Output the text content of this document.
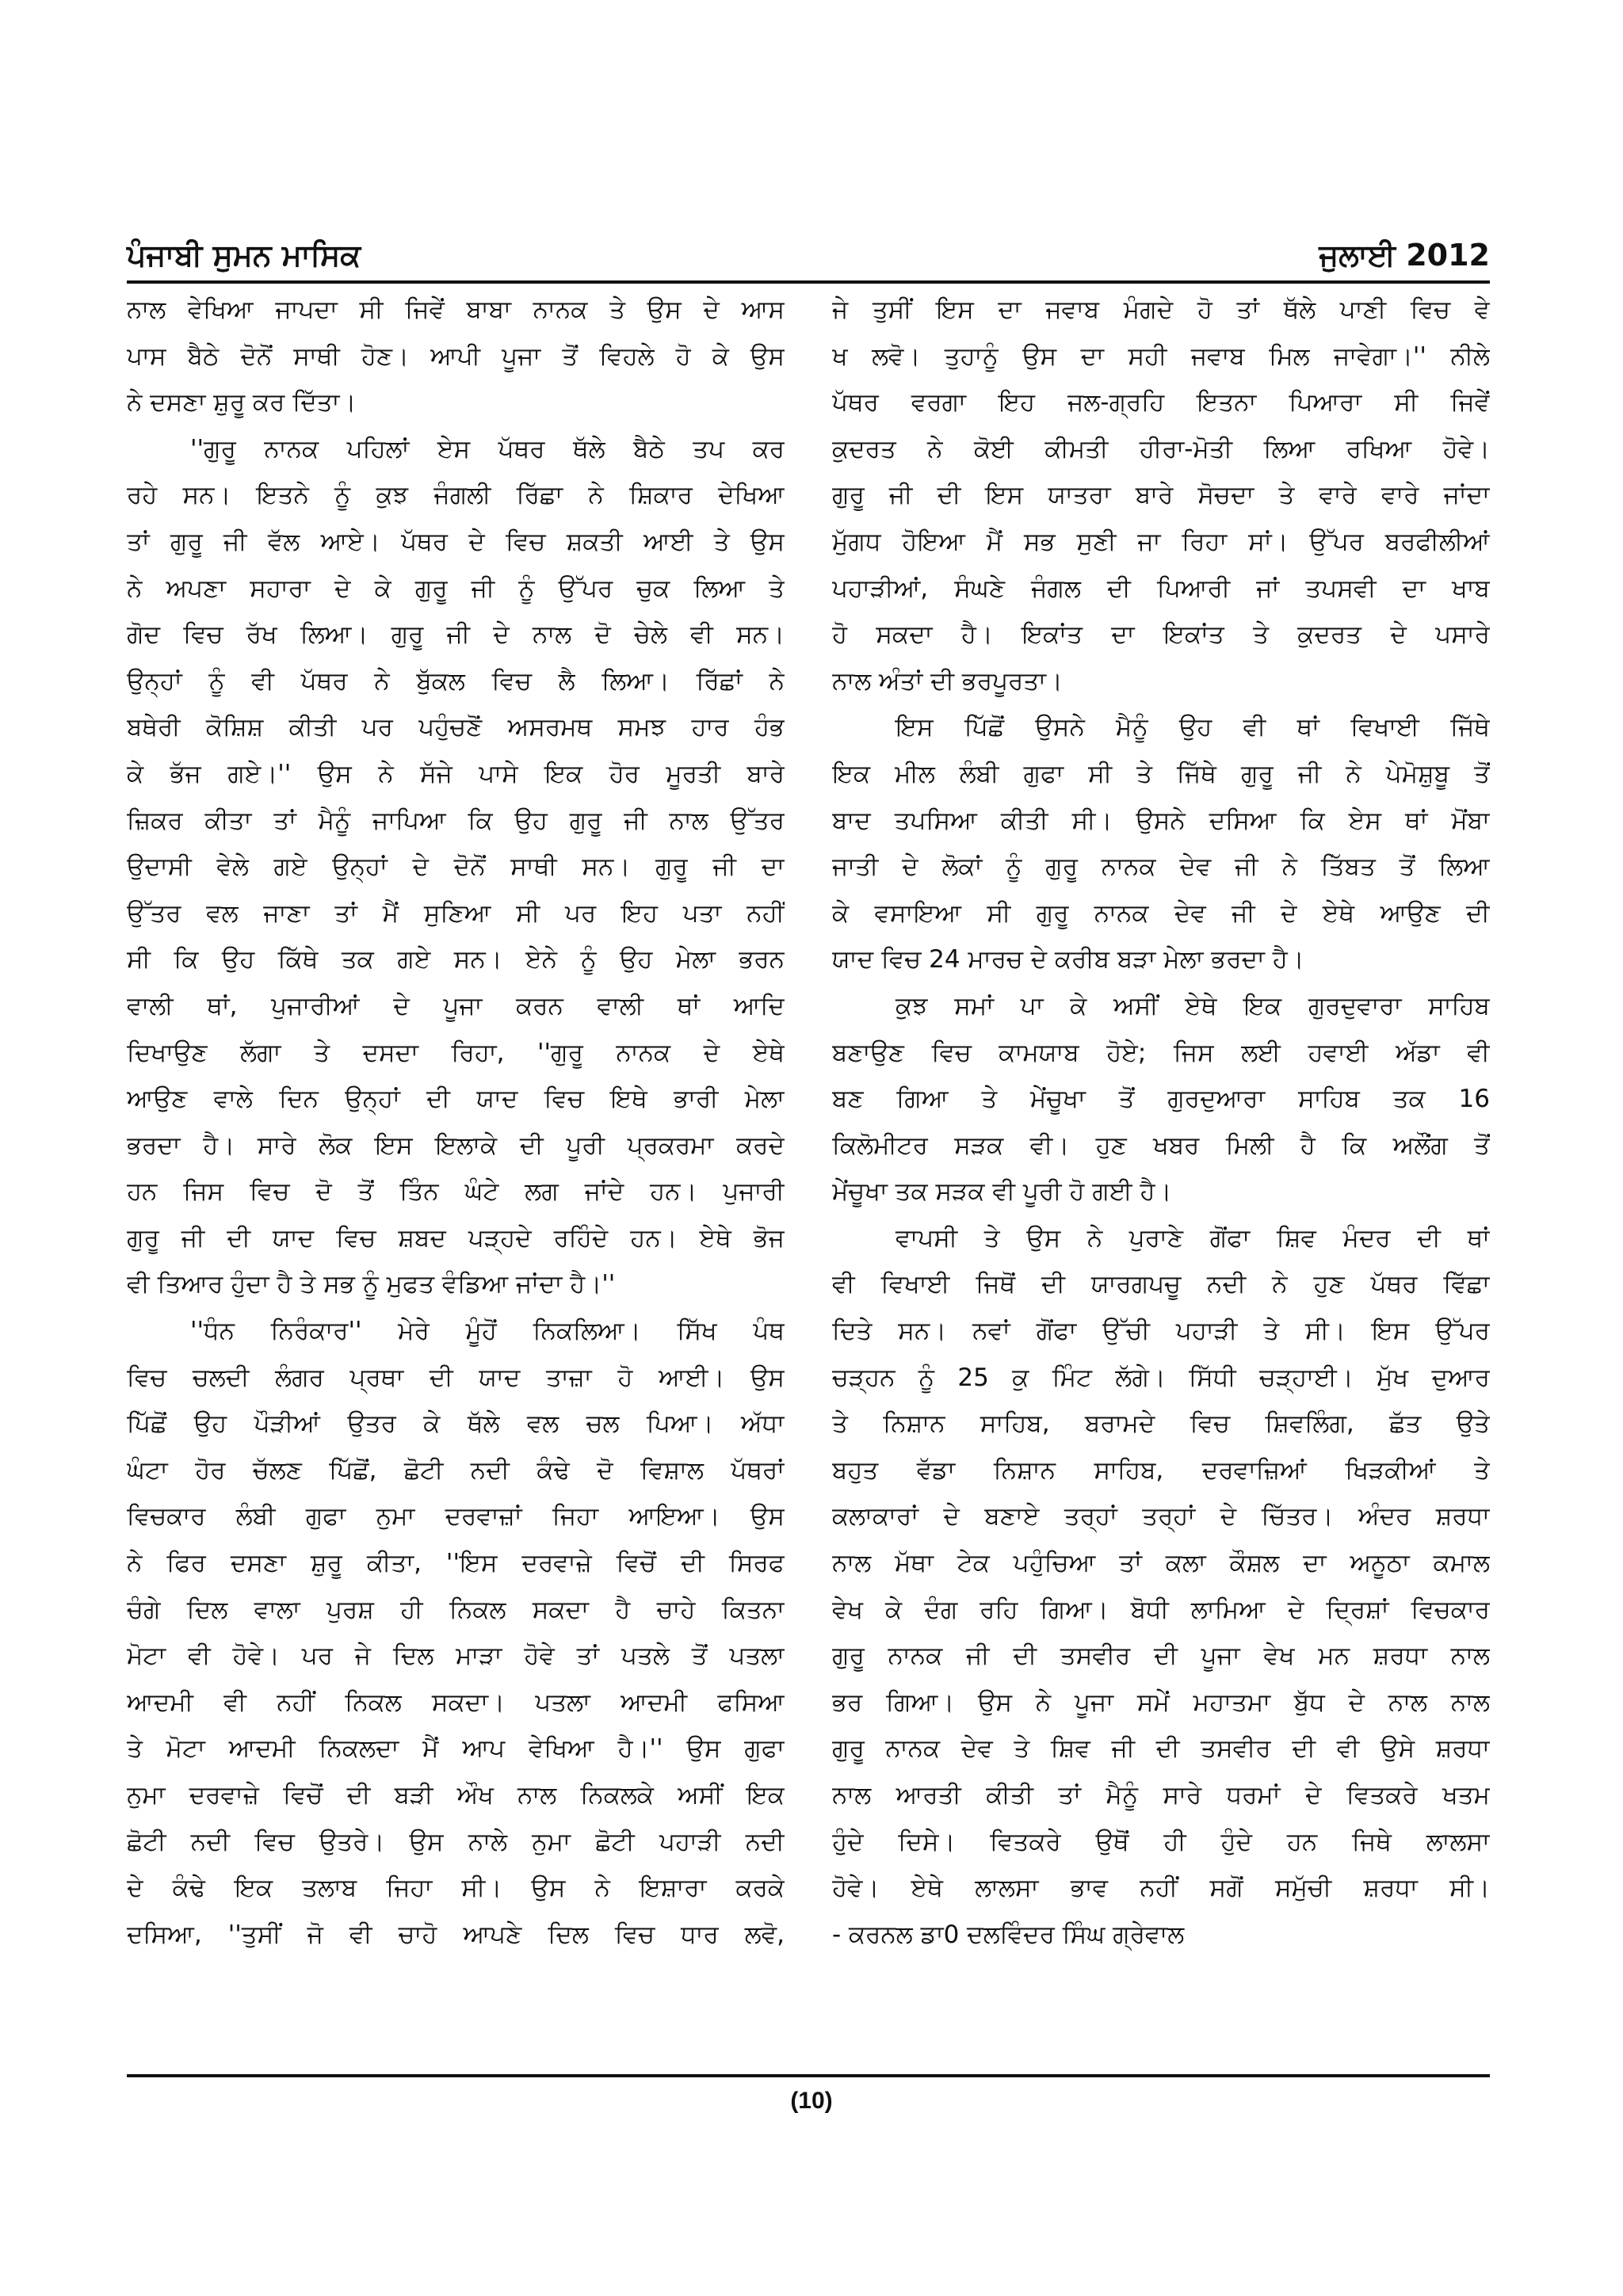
ਪੰਜਾਬੀ ਸੁਮਨ ਮਾਸਿਕ	ਜੁਲਾਈ 2012
ਨਾਲ ਵੇਖਿਆ ਜਾਪਦਾ ਸੀ ਜਿਵੇਂ ਬਾਬਾ ਨਾਨਕ ਤੇ ਉਸ ਦੇ ਆਸ
ਪਾਸ ਬੈਠੇ ਦੋਨੋਂ ਸਾਥੀ ਹੋਣ। ਆਪੀ ਪੂਜਾ ਤੋਂ ਵਿਹਲੇ ਹੋ ਕੇ ਉਸ
ਨੇ ਦਸਣਾ ਸ਼ੁਰੂ ਕਰ ਦਿੱਤਾ।
''ਗੁਰੂ ਨਾਨਕ ਪਹਿਲਾਂ ਏਸ ਪੱਥਰ ਥੱਲੇ ਬੈਠੇ ਤਪ ਕਰ
ਰਹੇ ਸਨ। ਇਤਨੇ ਨੂੰ ਕੁਝ ਜੰਗਲੀ ਰਿੱਛਾ ਨੇ ਸ਼ਿਕਾਰ ਦੇਖਿਆ
ਤਾਂ ਗੁਰੂ ਜੀ ਵੱਲ ਆਏ। ਪੱਥਰ ਦੇ ਵਿਚ ਸ਼ਕਤੀ ਆਈ ਤੇ ਉਸ
ਨੇ ਅਪਣਾ ਸਹਾਰਾ ਦੇ ਕੇ ਗੁਰੂ ਜੀ ਨੂੰ ਉੱਪਰ ਚੁਕ ਲਿਆ ਤੇ
ਗੋਦ ਵਿਚ ਰੱਖ ਲਿਆ। ਗੁਰੂ ਜੀ ਦੇ ਨਾਲ ਦੋ ਚੇਲੇ ਵੀ ਸਨ।
ਉਨ੍ਹਾਂ ਨੂੰ ਵੀ ਪੱਥਰ ਨੇ ਬੁੱਕਲ ਵਿਚ ਲੈ ਲਿਆ। ਰਿੱਛਾਂ ਨੇ
ਬਥੇਰੀ ਕੋਸ਼ਿਸ਼ ਕੀਤੀ ਪਰ ਪਹੁੰਚਣੋਂ ਅਸਰਮਥ ਸਮਝ ਹਾਰ ਹੰਭ
ਕੇ ਭੱਜ ਗਏ।'' ਉਸ ਨੇ ਸੱਜੇ ਪਾਸੇ ਇਕ ਹੋਰ ਮੂਰਤੀ ਬਾਰੇ
ਜ਼ਿਕਰ ਕੀਤਾ ਤਾਂ ਮੈਨੂੰ ਜਾਪਿਆ ਕਿ ਉਹ ਗੁਰੂ ਜੀ ਨਾਲ ਉੱਤਰ
ਉਦਾਸੀ ਵੇਲੇ ਗਏ ਉਨ੍ਹਾਂ ਦੇ ਦੋਨੋਂ ਸਾਥੀ ਸਨ। ਗੁਰੂ ਜੀ ਦਾ
ਉੱਤਰ ਵਲ ਜਾਣਾ ਤਾਂ ਮੈਂ ਸੁਣਿਆ ਸੀ ਪਰ ਇਹ ਪਤਾ ਨਹੀਂ
ਸੀ ਕਿ ਉਹ ਕਿੱਥੇ ਤਕ ਗਏ ਸਨ। ਏਨੇ ਨੂੰ ਉਹ ਮੇਲਾ ਭਰਨ
ਵਾਲੀ ਥਾਂ, ਪੁਜਾਰੀਆਂ ਦੇ ਪੂਜਾ ਕਰਨ ਵਾਲੀ ਥਾਂ ਆਦਿ
ਦਿਖਾਉਣ ਲੱਗਾ ਤੇ ਦਸਦਾ ਰਿਹਾ, ''ਗੁਰੂ ਨਾਨਕ ਦੇ ਏਥੇ
ਆਉਣ ਵਾਲੇ ਦਿਨ ਉਨ੍ਹਾਂ ਦੀ ਯਾਦ ਵਿਚ ਇਥੇ ਭਾਰੀ ਮੇਲਾ
ਭਰਦਾ ਹੈ। ਸਾਰੇ ਲੋਕ ਇਸ ਇਲਾਕੇ ਦੀ ਪੂਰੀ ਪ੍ਰਕਰਮਾ ਕਰਦੇ
ਹਨ ਜਿਸ ਵਿਚ ਦੋ ਤੋਂ ਤਿੰਨ ਘੰਟੇ ਲਗ ਜਾਂਦੇ ਹਨ। ਪੁਜਾਰੀ
ਗੁਰੂ ਜੀ ਦੀ ਯਾਦ ਵਿਚ ਸ਼ਬਦ ਪੜ੍ਹਦੇ ਰਹਿੰਦੇ ਹਨ। ਏਥੇ ਭੋਜ
ਵੀ ਤਿਆਰ ਹੁੰਦਾ ਹੈ ਤੇ ਸਭ ਨੂੰ ਮੁਫਤ ਵੰਡਿਆ ਜਾਂਦਾ ਹੈ।''
''ਧੰਨ ਨਿਰੰਕਾਰ'' ਮੇਰੇ ਮੂੰਹੋਂ ਨਿਕਲਿਆ। ਸਿੱਖ ਪੰਥ
ਵਿਚ ਚਲਦੀ ਲੰਗਰ ਪ੍ਰਥਾ ਦੀ ਯਾਦ ਤਾਜ਼ਾ ਹੋ ਆਈ। ਉਸ
ਪਿੱਛੋਂ ਉਹ ਪੌੜੀਆਂ ਉਤਰ ਕੇ ਥੱਲੇ ਵਲ ਚਲ ਪਿਆ। ਅੱਧਾ
ਘੰਟਾ ਹੋਰ ਚੱਲਣ ਪਿੱਛੋਂ, ਛੋਟੀ ਨਦੀ ਕੰਢੇ ਦੋ ਵਿਸ਼ਾਲ ਪੱਥਰਾਂ
ਵਿਚਕਾਰ ਲੰਬੀ ਗੁਫਾ ਨੁਮਾ ਦਰਵਾਜ਼ਾਂ ਜਿਹਾ ਆਇਆ। ਉਸ
ਨੇ ਫਿਰ ਦਸਣਾ ਸ਼ੁਰੂ ਕੀਤਾ, ''ਇਸ ਦਰਵਾਜ਼ੇ ਵਿਚੋਂ ਦੀ ਸਿਰਫ
ਚੰਗੇ ਦਿਲ ਵਾਲਾ ਪੁਰਸ਼ ਹੀ ਨਿਕਲ ਸਕਦਾ ਹੈ ਚਾਹੇ ਕਿਤਨਾ
ਮੋਟਾ ਵੀ ਹੋਵੇ। ਪਰ ਜੇ ਦਿਲ ਮਾੜਾ ਹੋਵੇ ਤਾਂ ਪਤਲੇ ਤੋਂ ਪਤਲਾ
ਆਦਮੀ ਵੀ ਨਹੀਂ ਨਿਕਲ ਸਕਦਾ। ਪਤਲਾ ਆਦਮੀ ਫਸਿਆ
ਤੇ ਮੋਟਾ ਆਦਮੀ ਨਿਕਲਦਾ ਮੈਂ ਆਪ ਵੇਖਿਆ ਹੈ।'' ਉਸ ਗੁਫਾ
ਨੁਮਾ ਦਰਵਾਜ਼ੇ ਵਿਚੋਂ ਦੀ ਬੜੀ ਔਖ ਨਾਲ ਨਿਕਲਕੇ ਅਸੀਂ ਇਕ
ਛੋਟੀ ਨਦੀ ਵਿਚ ਉਤਰੇ। ਉਸ ਨਾਲੇ ਨੁਮਾ ਛੋਟੀ ਪਹਾੜੀ ਨਦੀ
ਦੇ ਕੰਢੇ ਇਕ ਤਲਾਬ ਜਿਹਾ ਸੀ। ਉਸ ਨੇ ਇਸ਼ਾਰਾ ਕਰਕੇ
ਦਸਿਆ, ''ਤੁਸੀਂ ਜੋ ਵੀ ਚਾਹੋ ਆਪਣੇ ਦਿਲ ਵਿਚ ਧਾਰ ਲਵੋ,
ਜੇ ਤੁਸੀਂ ਇਸ ਦਾ ਜਵਾਬ ਮੰਗਦੇ ਹੋ ਤਾਂ ਥੱਲੇ ਪਾਣੀ ਵਿਚ ਵੇ
ਖ ਲਵੋ। ਤੁਹਾਨੂੰ ਉਸ ਦਾ ਸਹੀ ਜਵਾਬ ਮਿਲ ਜਾਵੇਗਾ।'' ਨੀਲੇ
ਪੱਥਰ ਵਰਗਾ ਇਹ ਜਲ-ਗ੍ਰਹਿ ਇਤਨਾ ਪਿਆਰਾ ਸੀ ਜਿਵੇਂ
ਕੁਦਰਤ ਨੇ ਕੋਈ ਕੀਮਤੀ ਹੀਰਾ-ਮੋਤੀ ਲਿਆ ਰਖਿਆ ਹੋਵੇ।
ਗੁਰੂ ਜੀ ਦੀ ਇਸ ਯਾਤਰਾ ਬਾਰੇ ਸੋਚਦਾ ਤੇ ਵਾਰੇ ਵਾਰੇ ਜਾਂਦਾ
ਮੁੱਗਧ ਹੋਇਆ ਮੈਂ ਸਭ ਸੁਣੀ ਜਾ ਰਿਹਾ ਸਾਂ। ਉੱਪਰ ਬਰਫੀਲੀਆਂ
ਪਹਾੜੀਆਂ, ਸੰਘਣੇ ਜੰਗਲ ਦੀ ਪਿਆਰੀ ਜਾਂ ਤਪਸਵੀ ਦਾ ਖਾਬ
ਹੋ ਸਕਦਾ ਹੈ। ਇਕਾਂਤ ਦਾ ਇਕਾਂਤ ਤੇ ਕੁਦਰਤ ਦੇ ਪਸਾਰੇ
ਨਾਲ ਅੰਤਾਂ ਦੀ ਭਰਪੂਰਤਾ।
ਇਸ ਪਿੱਛੋਂ ਉਸਨੇ ਮੈਨੂੰ ਉਹ ਵੀ ਥਾਂ ਵਿਖਾਈ ਜਿੱਥੇ
ਇਕ ਮੀਲ ਲੰਬੀ ਗੁਫਾ ਸੀ ਤੇ ਜਿੱਥੇ ਗੁਰੂ ਜੀ ਨੇ ਪੇਮੋਸ਼ੁਬੂ ਤੋਂ
ਬਾਦ ਤਪਸਿਆ ਕੀਤੀ ਸੀ। ਉਸਨੇ ਦਸਿਆ ਕਿ ਏਸ ਥਾਂ ਮੋਂਬਾ
ਜਾਤੀ ਦੇ ਲੋਕਾਂ ਨੂੰ ਗੁਰੂ ਨਾਨਕ ਦੇਵ ਜੀ ਨੇ ਤਿੱਬਤ ਤੋਂ ਲਿਆ
ਕੇ ਵਸਾਇਆ ਸੀ ਗੁਰੂ ਨਾਨਕ ਦੇਵ ਜੀ ਦੇ ਏਥੇ ਆਉਣ ਦੀ
ਯਾਦ ਵਿਚ 24 ਮਾਰਚ ਦੇ ਕਰੀਬ ਬੜਾ ਮੇਲਾ ਭਰਦਾ ਹੈ।
ਕੁਝ ਸਮਾਂ ਪਾ ਕੇ ਅਸੀਂ ਏਥੇ ਇਕ ਗੁਰਦੁਵਾਰਾ ਸਾਹਿਬ
ਬਣਾਉਣ ਵਿਚ ਕਾਮਯਾਬ ਹੋਏ; ਜਿਸ ਲਈ ਹਵਾਈ ਅੱਡਾ ਵੀ
ਬਣ ਗਿਆ ਤੇ ਮੇਂਚੂਖਾ ਤੋਂ ਗੁਰਦੁਆਰਾ ਸਾਹਿਬ ਤਕ 16
ਕਿਲੋਮੀਟਰ ਸੜਕ ਵੀ। ਹੁਣ ਖਬਰ ਮਿਲੀ ਹੈ ਕਿ ਅਲੌਂਗ ਤੋਂ
ਮੇਂਚੂਖਾ ਤਕ ਸੜਕ ਵੀ ਪੂਰੀ ਹੋ ਗਈ ਹੈ।
ਵਾਪਸੀ ਤੇ ਉਸ ਨੇ ਪੁਰਾਣੇ ਗੋਂਫਾ ਸ਼ਿਵ ਮੰਦਰ ਦੀ ਥਾਂ
ਵੀ ਵਿਖਾਈ ਜਿਥੋਂ ਦੀ ਯਾਰਗਪਚੂ ਨਦੀ ਨੇ ਹੁਣ ਪੱਥਰ ਵਿੱਛਾ
ਦਿਤੇ ਸਨ। ਨਵਾਂ ਗੋਂਫਾ ਉੱਚੀ ਪਹਾੜੀ ਤੇ ਸੀ। ਇਸ ਉੱਪਰ
ਚੜ੍ਹਨ ਨੂੰ 25 ਕੁ ਮਿੰਟ ਲੱਗੇ। ਸਿੱਧੀ ਚੜ੍ਹਾਈ। ਮੁੱਖ ਦੁਆਰ
ਤੇ ਨਿਸ਼ਾਨ ਸਾਹਿਬ, ਬਰਾਮਦੇ ਵਿਚ ਸ਼ਿਵਲਿੰਗ, ਛੱਤ ਉਤੇ
ਬਹੁਤ ਵੱਡਾ ਨਿਸ਼ਾਨ ਸਾਹਿਬ, ਦਰਵਾਜ਼ਿਆਂ ਖਿੜਕੀਆਂ ਤੇ
ਕਲਾਕਾਰਾਂ ਦੇ ਬਣਾਏ ਤਰ੍ਹਾਂ ਤਰ੍ਹਾਂ ਦੇ ਚਿੱਤਰ। ਅੰਦਰ ਸ਼ਰਧਾ
ਨਾਲ ਮੱਥਾ ਟੇਕ ਪਹੁੰਚਿਆ ਤਾਂ ਕਲਾ ਕੌਸ਼ਲ ਦਾ ਅਨੂਠਾ ਕਮਾਲ
ਵੇਖ ਕੇ ਦੰਗ ਰਹਿ ਗਿਆ। ਬੋਧੀ ਲਾਮਿਆ ਦੇ ਦ੍ਰਿਸ਼ਾਂ ਵਿਚਕਾਰ
ਗੁਰੂ ਨਾਨਕ ਜੀ ਦੀ ਤਸਵੀਰ ਦੀ ਪੂਜਾ ਵੇਖ ਮਨ ਸ਼ਰਧਾ ਨਾਲ
ਭਰ ਗਿਆ। ਉਸ ਨੇ ਪੂਜਾ ਸਮੇਂ ਮਹਾਤਮਾ ਬੁੱਧ ਦੇ ਨਾਲ ਨਾਲ
ਗੁਰੂ ਨਾਨਕ ਦੇਵ ਤੇ ਸ਼ਿਵ ਜੀ ਦੀ ਤਸਵੀਰ ਦੀ ਵੀ ਉਸੇ ਸ਼ਰਧਾ
ਨਾਲ ਆਰਤੀ ਕੀਤੀ ਤਾਂ ਮੈਨੂੰ ਸਾਰੇ ਧਰਮਾਂ ਦੇ ਵਿਤਕਰੇ ਖਤਮ
ਹੁੰਦੇ ਦਿਸੇ। ਵਿਤਕਰੇ ਉਥੋਂ ਹੀ ਹੁੰਦੇ ਹਨ ਜਿਥੇ ਲਾਲਸਾ
ਹੋਵੇ। ਏਥੇ ਲਾਲਸਾ ਭਾਵ ਨਹੀਂ ਸਗੋਂ ਸਮੁੱਚੀ ਸ਼ਰਧਾ ਸੀ।
- ਕਰਨਲ ਡਾ0 ਦਲਵਿੰਦਰ ਸਿੰਘ ਗ੍ਰੇਵਾਲ
(10)
